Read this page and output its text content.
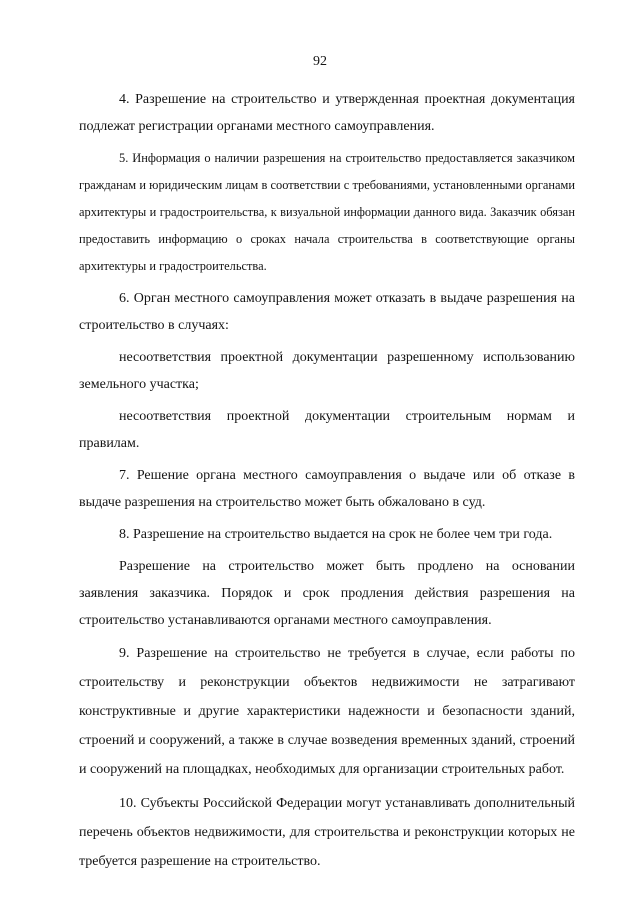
92

4. Разрешение на строительство и утвержденная проектная документация подлежат регистрации органами местного самоуправления.

5. Информация о наличии разрешения на строительство предоставляется заказчиком гражданам и юридическим лицам в соответствии с требованиями, установленными органами архитектуры и градостроительства, к визуальной информации данного вида. Заказчик обязан предоставить информацию о сроках начала строительства в соответствующие органы архитектуры и градостроительства.

6. Орган местного самоуправления может отказать в выдаче разрешения на строительство в случаях:

несоответствия проектной документации разрешенному использованию земельного участка;

несоответствия проектной документации строительным нормам и правилам.

7. Решение органа местного самоуправления о выдаче или об отказе в выдаче разрешения на строительство может быть обжаловано в суд.

8. Разрешение на строительство выдается на срок не более чем три года.

Разрешение на строительство может быть продлено на основании заявления заказчика. Порядок и срок продления действия разрешения на строительство устанавливаются органами местного самоуправления.

9. Разрешение на строительство не требуется в случае, если работы по строительству и реконструкции объектов недвижимости не затрагивают конструктивные и другие характеристики надежности и безопасности зданий, строений и сооружений, а также в случае возведения временных зданий, строений и сооружений на площадках, необходимых для организации строительных работ.

10. Субъекты Российской Федерации могут устанавливать дополнительный перечень объектов недвижимости, для строительства и реконструкции которых не требуется разрешение на строительство.
